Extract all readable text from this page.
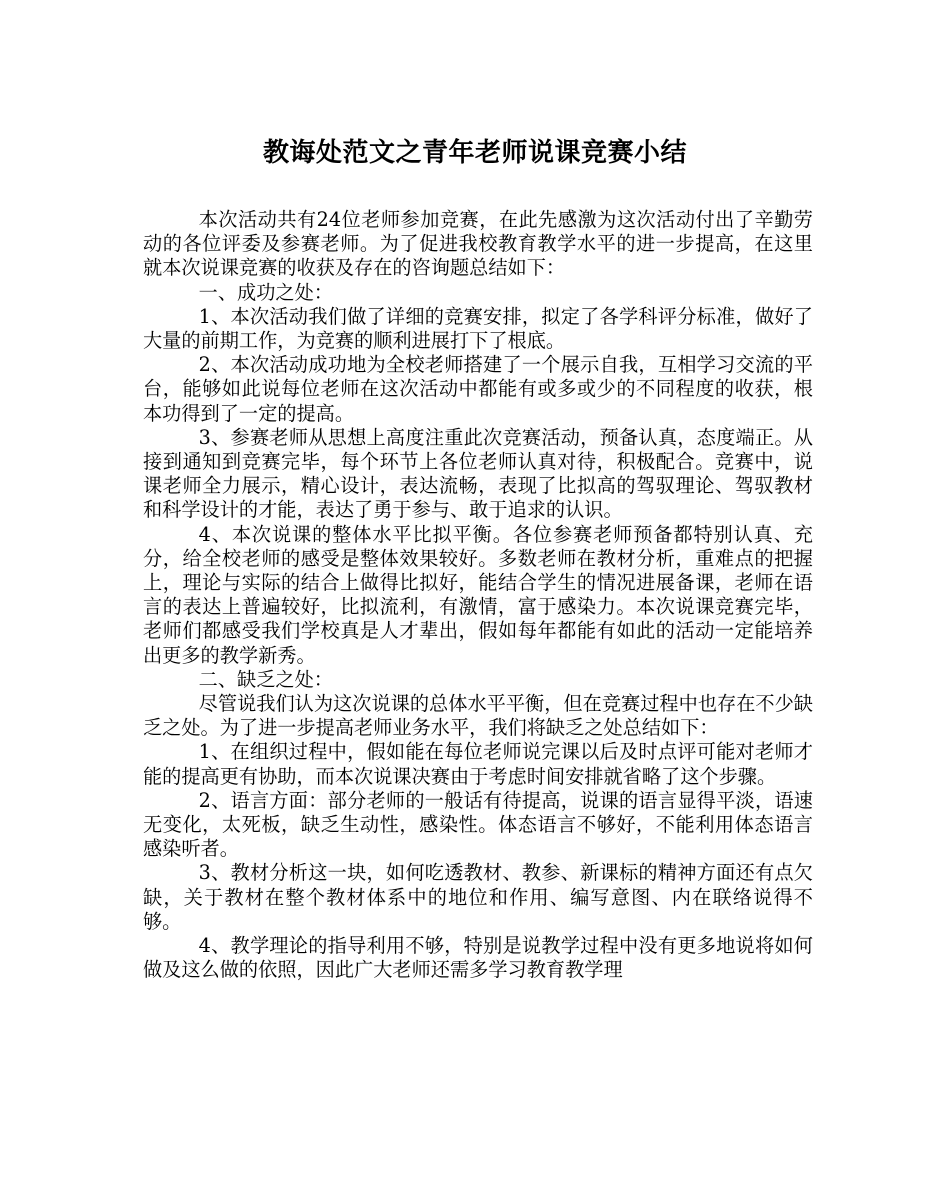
教诲处范文之青年老师说课竞赛小结

本次活动共有24位老师参加竞赛，在此先感激为这次活动付出了辛勤劳动的各位评委及参赛老师。为了促进我校教育教学水平的进一步提高，在这里就本次说课竞赛的收获及存在的咨询题总结如下：

一、成功之处：

1、本次活动我们做了详细的竞赛安排，拟定了各学科评分标准，做好了大量的前期工作，为竞赛的顺利进展打下了根底。

2、本次活动成功地为全校老师搭建了一个展示自我，互相学习交流的平台，能够如此说每位老师在这次活动中都能有或多或少的不同程度的收获，根本功得到了一定的提高。

3、参赛老师从思想上高度注重此次竞赛活动，预备认真，态度端正。从接到通知到竞赛完毕，每个环节上各位老师认真对待，积极配合。竞赛中，说课老师全力展示，精心设计，表达流畅，表现了比拟高的驾驭理论、驾驭教材和科学设计的才能，表达了勇于参与、敢于追求的认识。

4、本次说课的整体水平比拟平衡。各位参赛老师预备都特别认真、充分，给全校老师的感受是整体效果较好。多数老师在教材分析，重难点的把握上，理论与实际的结合上做得比拟好，能结合学生的情况进展备课，老师在语言的表达上普遍较好，比拟流利，有激情，富于感染力。本次说课竞赛完毕，老师们都感受我们学校真是人才辈出，假如每年都能有如此的活动一定能培养出更多的教学新秀。

二、缺乏之处：

尽管说我们认为这次说课的总体水平平衡，但在竞赛过程中也存在不少缺乏之处。为了进一步提高老师业务水平，我们将缺乏之处总结如下：

1、在组织过程中，假如能在每位老师说完课以后及时点评可能对老师才能的提高更有协助，而本次说课决赛由于考虑时间安排就省略了这个步骤。

2、语言方面：部分老师的一般话有待提高，说课的语言显得平淡，语速无变化，太死板，缺乏生动性，感染性。体态语言不够好，不能利用体态语言感染听者。

3、教材分析这一块，如何吃透教材、教参、新课标的精神方面还有点欠缺，关于教材在整个教材体系中的地位和作用、编写意图、内在联络说得不够。

4、教学理论的指导利用不够，特别是说教学过程中没有更多地说将如何做及这么做的依照，因此广大老师还需多学习教育教学理
